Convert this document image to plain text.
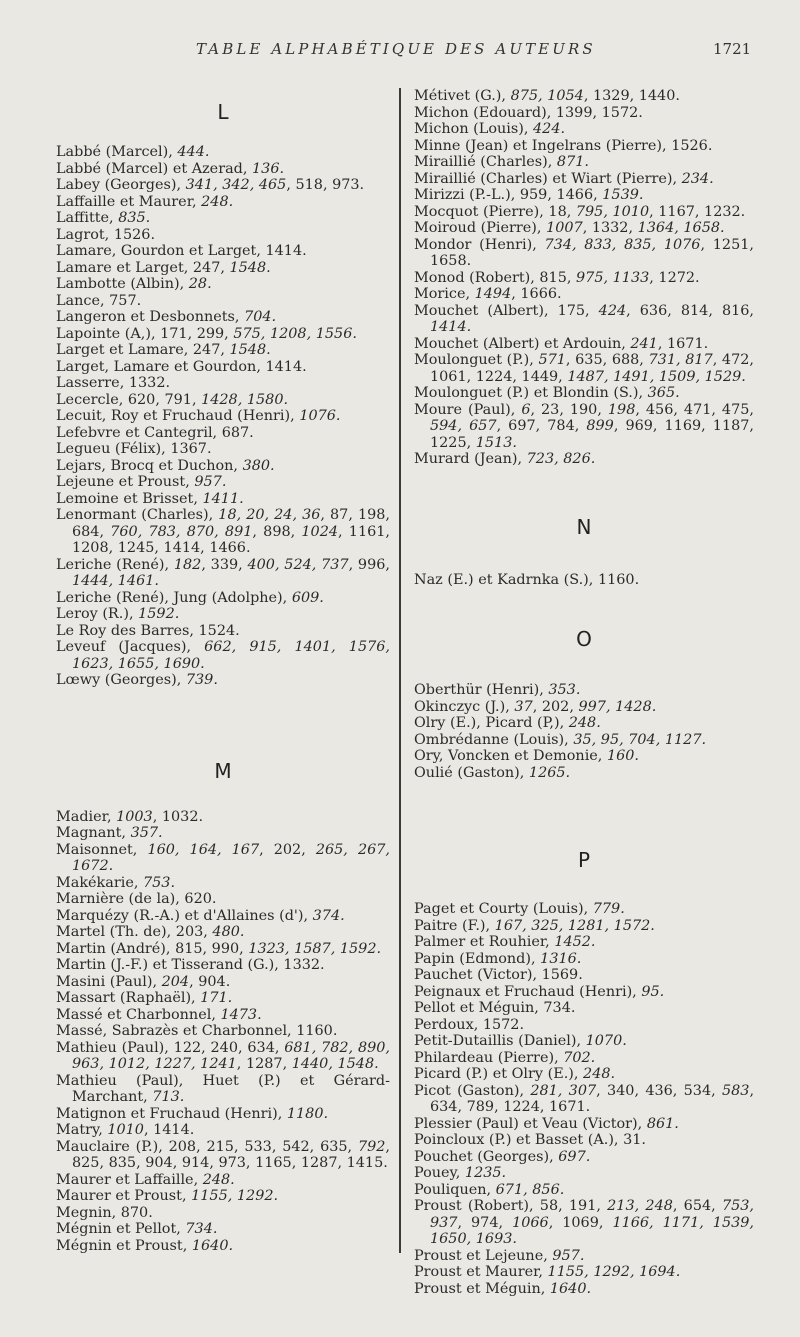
TABLE ALPHABÉTIQUE DES AUTEURS	1721
L
Labbé (Marcel), 444.
Labbé (Marcel) et Azerad, 136.
Labey (Georges), 341, 342, 465, 518, 973.
Laffaille et Maurer, 248.
Laffitte, 835.
Lagrot, 1526.
Lamare, Gourdon et Larget, 1414.
Lamare et Larget, 247, 1548.
Lambotte (Albin), 28.
Lance, 757.
Langeron et Desbonnets, 704.
Lapointe (A,), 171, 299, 575, 1208, 1556.
Larget et Lamare, 247, 1548.
Larget, Lamare et Gourdon, 1414.
Lasserre, 1332.
Lecercle, 620, 791, 1428, 1580.
Lecuit, Roy et Fruchaud (Henri), 1076.
Lefebvre et Cantegril, 687.
Legueu (Félix), 1367.
Lejars, Brocq et Duchon, 380.
Lejeune et Proust, 957.
Lemoine et Brisset, 1411.
Lenormant (Charles), 18, 20, 24, 36, 87, 198, 684, 760, 783, 870, 891, 898, 1024, 1161, 1208, 1245, 1414, 1466.
Leriche (René), 182, 339, 400, 524, 737, 996, 1444, 1461.
Leriche (René), Jung (Adolphe), 609.
Leroy (R.), 1592.
Le Roy des Barres, 1524.
Leveuf (Jacques), 662, 915, 1401, 1576, 1623, 1655, 1690.
Lœwy (Georges), 739.
M
Madier, 1003, 1032.
Magnant, 357.
Maisonnet, 160, 164, 167, 202, 265, 267, 1672.
Makékarie, 753.
Marnière (de la), 620.
Marquézy (R.-A.) et d'Allaines (d'), 374.
Martel (Th. de), 203, 480.
Martin (André), 815, 990, 1323, 1587, 1592.
Martin (J.-F.) et Tisserand (G.), 1332.
Masini (Paul), 204, 904.
Massart (Raphaël), 171.
Massé et Charbonnel, 1473.
Massé, Sabrazès et Charbonnel, 1160.
Mathieu (Paul), 122, 240, 634, 681, 782, 890, 963, 1012, 1227, 1241, 1287, 1440, 1548.
Mathieu (Paul), Huet (P.) et Gérard-Marchant, 713.
Matignon et Fruchaud (Henri), 1180.
Matry, 1010, 1414.
Mauclaire (P.), 208, 215, 533, 542, 635, 792, 825, 835, 904, 914, 973, 1165, 1287, 1415.
Maurer et Laffaille, 248.
Maurer et Proust, 1155, 1292.
Megnin, 870.
Mégnin et Pellot, 734.
Mégnin et Proust, 1640.
Métivet (G.), 875, 1054, 1329, 1440.
Michon (Edouard), 1399, 1572.
Michon (Louis), 424.
Minne (Jean) et Ingelrans (Pierre), 1526.
Miraillié (Charles), 871.
Miraillié (Charles) et Wiart (Pierre), 234.
Mirizzi (P.-L.), 959, 1466, 1539.
Mocquot (Pierre), 18, 795, 1010, 1167, 1232.
Moiroud (Pierre), 1007, 1332, 1364, 1658.
Mondor (Henri), 734, 833, 835, 1076, 1251, 1658.
Monod (Robert), 815, 975, 1133, 1272.
Morice, 1494, 1666.
Mouchet (Albert), 175, 424, 636, 814, 816, 1414.
Mouchet (Albert) et Ardouin, 241, 1671.
Moulonguet (P.), 571, 635, 688, 731, 817, 472, 1061, 1224, 1449, 1487, 1491, 1509, 1529.
Moulonguet (P.) et Blondin (S.), 365.
Moure (Paul), 6, 23, 190, 198, 456, 471, 475, 594, 657, 697, 784, 899, 969, 1169, 1187, 1225, 1513.
Murard (Jean), 723, 826.
N
Naz (E.) et Kadrnka (S.), 1160.
O
Oberthür (Henri), 353.
Okinczyc (J.), 37, 202, 997, 1428.
Olry (E.), Picard (P,), 248.
Ombrédanne (Louis), 35, 95, 704, 1127.
Ory, Voncken et Demonie, 160.
Oulié (Gaston), 1265.
P
Paget et Courty (Louis), 779.
Paitre (F.), 167, 325, 1281, 1572.
Palmer et Rouhier, 1452.
Papin (Edmond), 1316.
Pauchet (Victor), 1569.
Peignaux et Fruchaud (Henri), 95.
Pellot et Méguin, 734.
Perdoux, 1572.
Petit-Dutaillis (Daniel), 1070.
Philardeau (Pierre), 702.
Picard (P.) et Olry (E.), 248.
Picot (Gaston), 281, 307, 340, 436, 534, 583, 634, 789, 1224, 1671.
Plessier (Paul) et Veau (Victor), 861.
Poincloux (P.) et Basset (A.), 31.
Pouchet (Georges), 697.
Pouey, 1235.
Pouliquen, 671, 856.
Proust (Robert), 58, 191, 213, 248, 654, 753, 937, 974, 1066, 1069, 1166, 1171, 1539, 1650, 1693.
Proust et Lejeune, 957.
Proust et Maurer, 1155, 1292, 1694.
Proust et Méguin, 1640.
